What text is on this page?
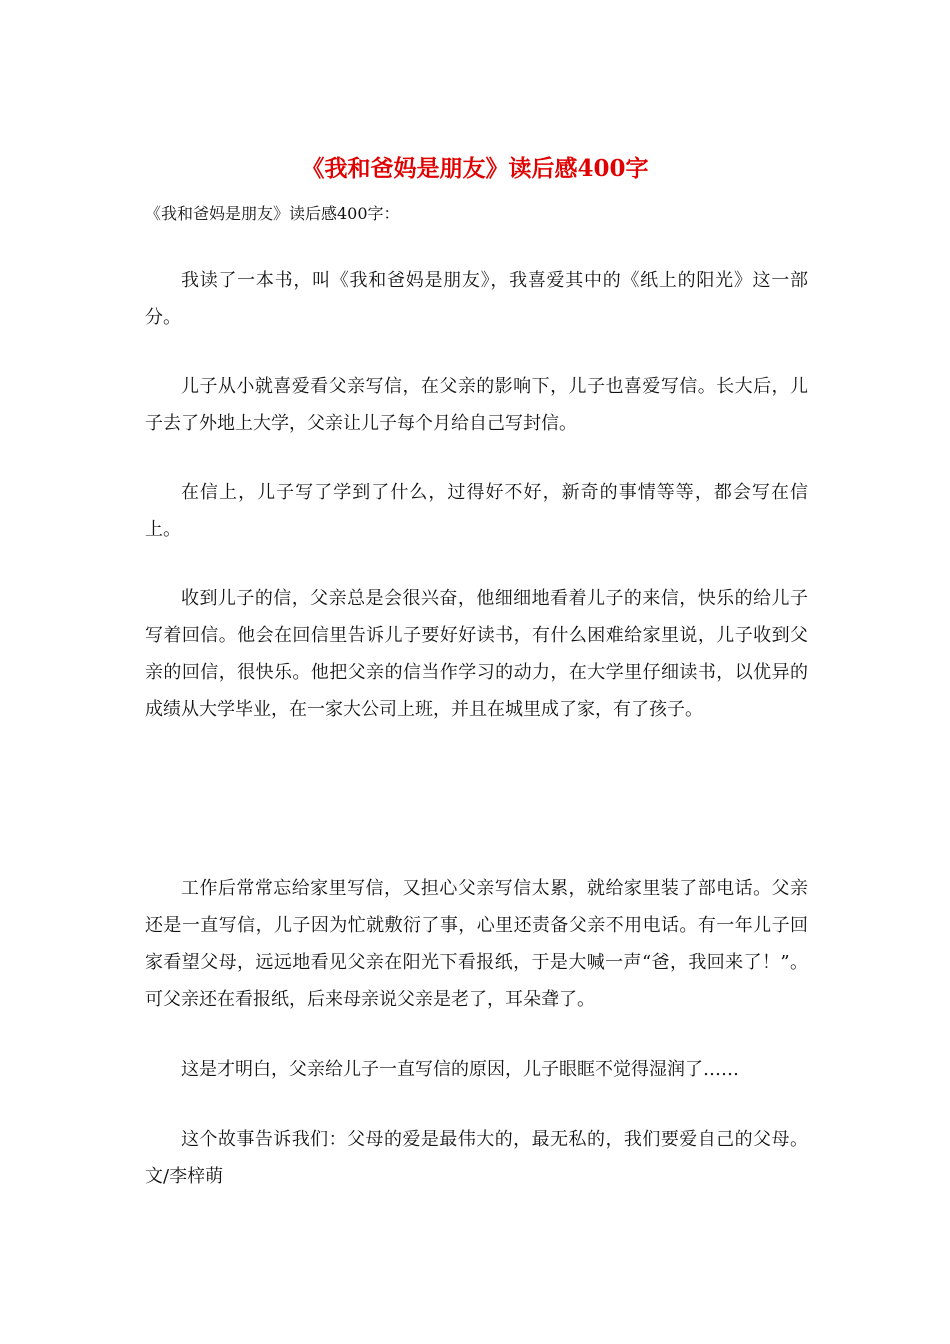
《我和爸妈是朋友》读后感400字

《我和爸妈是朋友》读后感400字：

我读了一本书，叫《我和爸妈是朋友》，我喜爱其中的《纸上的阳光》这一部分。

儿子从小就喜爱看父亲写信，在父亲的影响下，儿子也喜爱写信。长大后，儿子去了外地上大学，父亲让儿子每个月给自己写封信。

在信上，儿子写了学到了什么，过得好不好，新奇的事情等等，都会写在信上。

收到儿子的信，父亲总是会很兴奋，他细细地看着儿子的来信，快乐的给儿子写着回信。他会在回信里告诉儿子要好好读书，有什么困难给家里说，儿子收到父亲的回信，很快乐。他把父亲的信当作学习的动力，在大学里仔细读书，以优异的成绩从大学毕业，在一家大公司上班，并且在城里成了家，有了孩子。

工作后常常忘给家里写信，又担心父亲写信太累，就给家里装了部电话。父亲还是一直写信，儿子因为忙就敷衍了事，心里还责备父亲不用电话。有一年儿子回家看望父母，远远地看见父亲在阳光下看报纸，于是大喊一声“爸，我回来了！”。可父亲还在看报纸，后来母亲说父亲是老了，耳朵聋了。

这是才明白，父亲给儿子一直写信的原因，儿子眼眶不觉得湿润了……

这个故事告诉我们：父母的爱是最伟大的，最无私的，我们要爱自己的父母。文/李梓萌
